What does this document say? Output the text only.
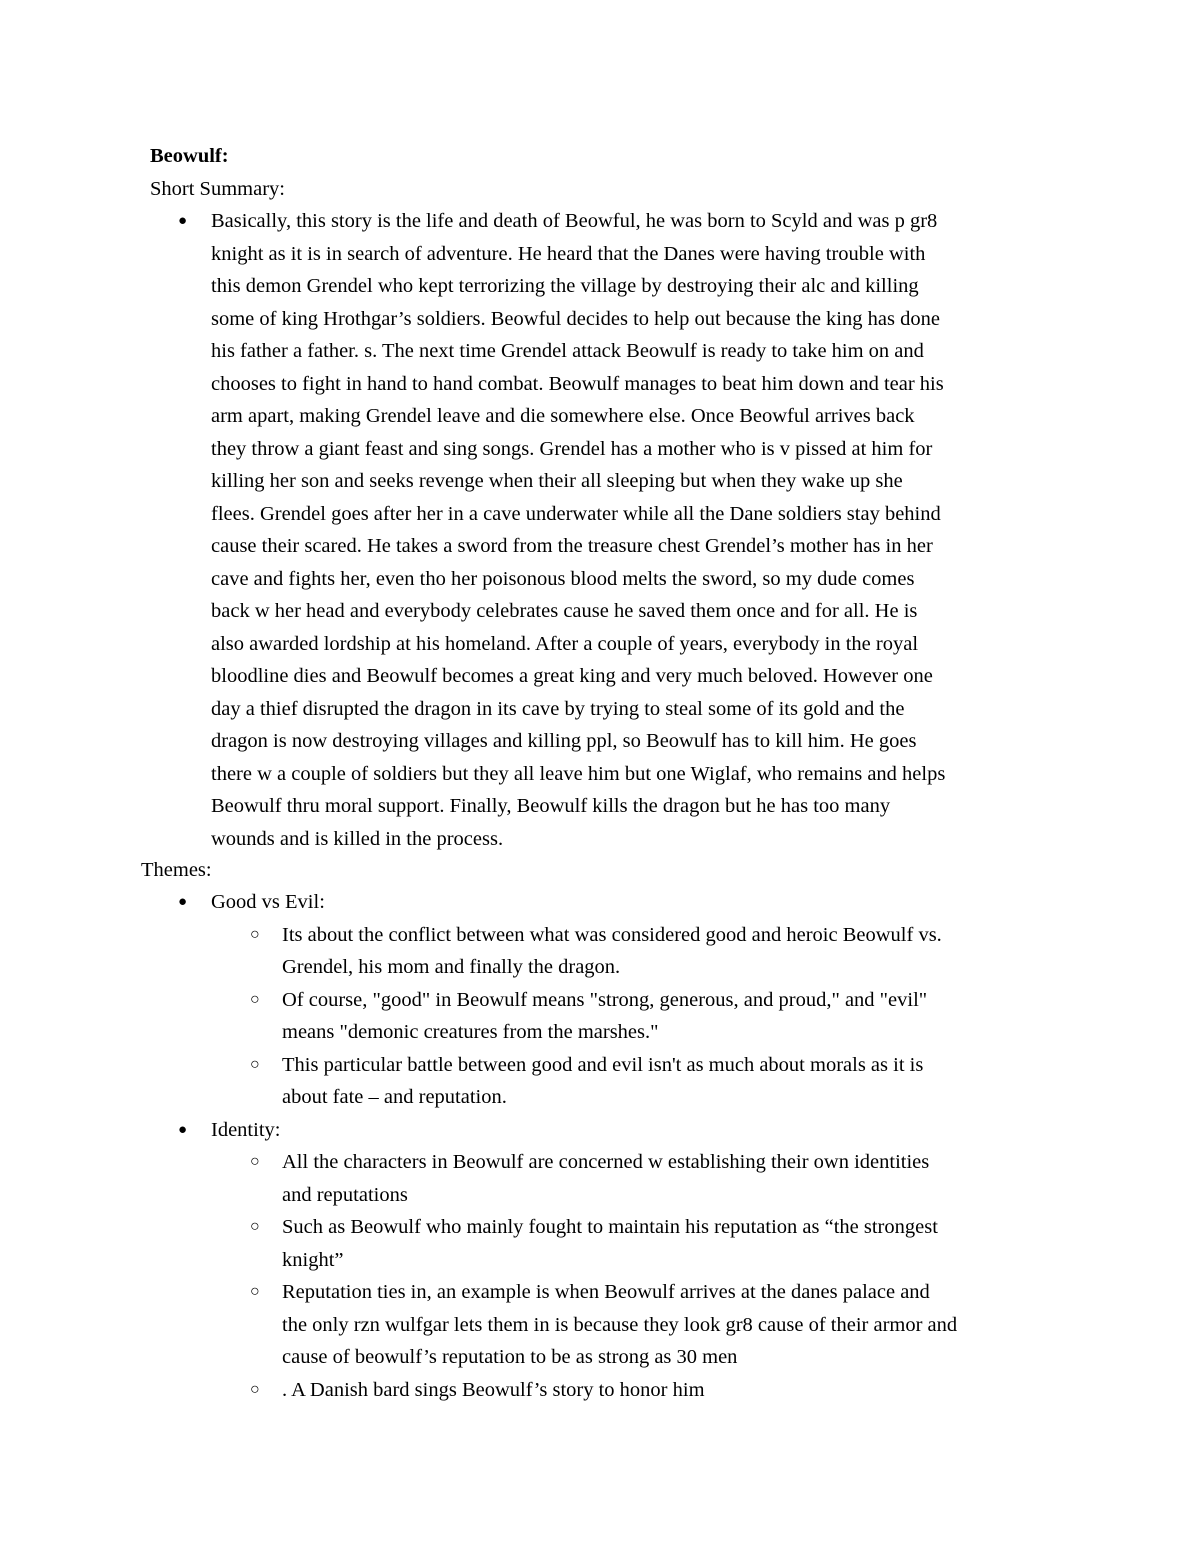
Beowulf:

Short Summary:

● Basically, this story is the life and death of Beowful, he was born to Scyld and was p gr8
knight as it is in search of adventure. He heard that the Danes were having trouble with
this demon Grendel who kept terrorizing the village by destroying their alc and killing
some of king Hrothgar’s soldiers. Beowful decides to help out because the king has done
his father a father. s. The next time Grendel attack Beowulf is ready to take him on and
chooses to fight in hand to hand combat. Beowulf manages to beat him down and tear his
arm apart, making Grendel leave and die somewhere else. Once Beowful arrives back
they throw a giant feast and sing songs. Grendel has a mother who is v pissed at him for
killing her son and seeks revenge when their all sleeping but when they wake up she
flees. Grendel goes after her in a cave underwater while all the Dane soldiers stay behind
cause their scared. He takes a sword from the treasure chest Grendel’s mother has in her
cave and fights her, even tho her poisonous blood melts the sword, so my dude comes
back w her head and everybody celebrates cause he saved them once and for all. He is
also awarded lordship at his homeland. After a couple of years, everybody in the royal
bloodline dies and Beowulf becomes a great king and very much beloved. However one
day a thief disrupted the dragon in its cave by trying to steal some of its gold and the
dragon is now destroying villages and killing ppl, so Beowulf has to kill him. He goes
there w a couple of soldiers but they all leave him but one Wiglaf, who remains and helps
Beowulf thru moral support. Finally, Beowulf kills the dragon but he has too many
wounds and is killed in the process.

Themes:

● Good vs Evil:
○ Its about the conflict between what was considered good and heroic Beowulf vs.
Grendel, his mom and finally the dragon.
○ Of course, "good" in Beowulf means "strong, generous, and proud," and "evil"
means "demonic creatures from the marshes."
○ This particular battle between good and evil isn't as much about morals as it is
about fate – and reputation.
● Identity:
○ All the characters in Beowulf are concerned w establishing their own identities
and reputations
○ Such as Beowulf who mainly fought to maintain his reputation as “the strongest
knight”
○ Reputation ties in, an example is when Beowulf arrives at the danes palace and
the only rzn wulfgar lets them in is because they look gr8 cause of their armor and
cause of beowulf’s reputation to be as strong as 30 men
○ . A Danish bard sings Beowulf’s story to honor him
